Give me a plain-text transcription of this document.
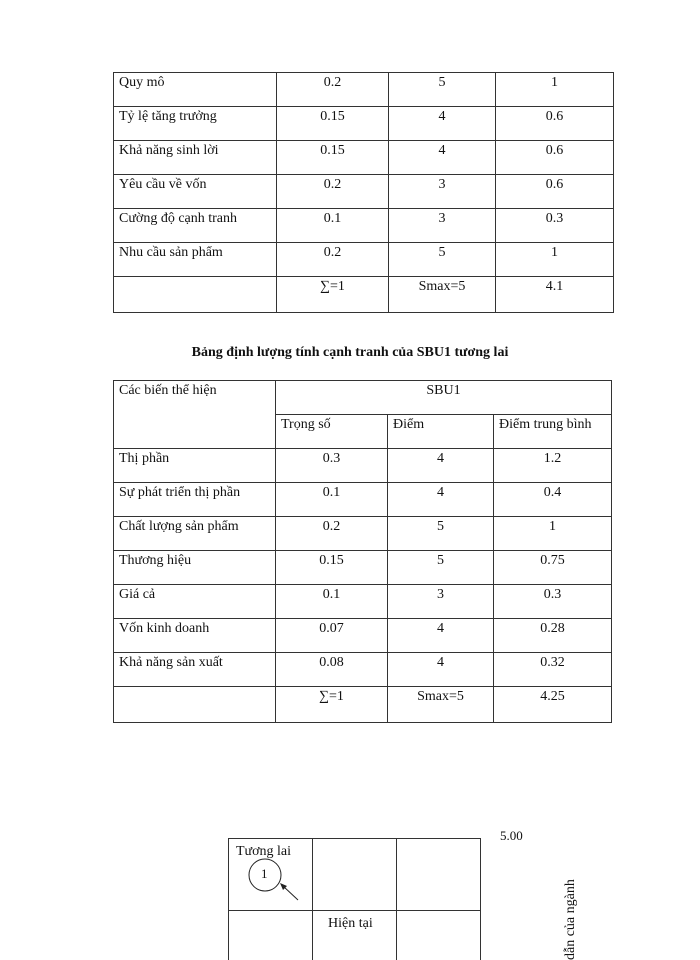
Quy mô	0.2	5	1
Tỷ lệ tăng trưởng	0.15	4	0.6
Khả năng sinh lời	0.15	4	0.6
Yêu cầu về vốn	0.2	3	0.6
Cường độ cạnh tranh	0.1	3	0.3
Nhu cầu sản phẩm	0.2	5	1
	∑=1	Smax=5	4.1
Bảng định lượng tính cạnh tranh của SBU1 tương lai
Các biến thể hiện	SBU1		
	Trọng số	Điểm	Điểm trung bình
Thị phần	0.3	4	1.2
Sự phát triển thị phần	0.1	4	0.4
Chất lượng sản phẩm	0.2	5	1
Thương hiệu	0.15	5	0.75
Giá cả	0.1	3	0.3
Vốn kinh doanh	0.07	4	0.28
Khả năng sản xuất	0.08	4	0.32
	∑=1	Smax=5	4.25
Tương lai
1
Hiện tại
5.00
dẫn của ngành
